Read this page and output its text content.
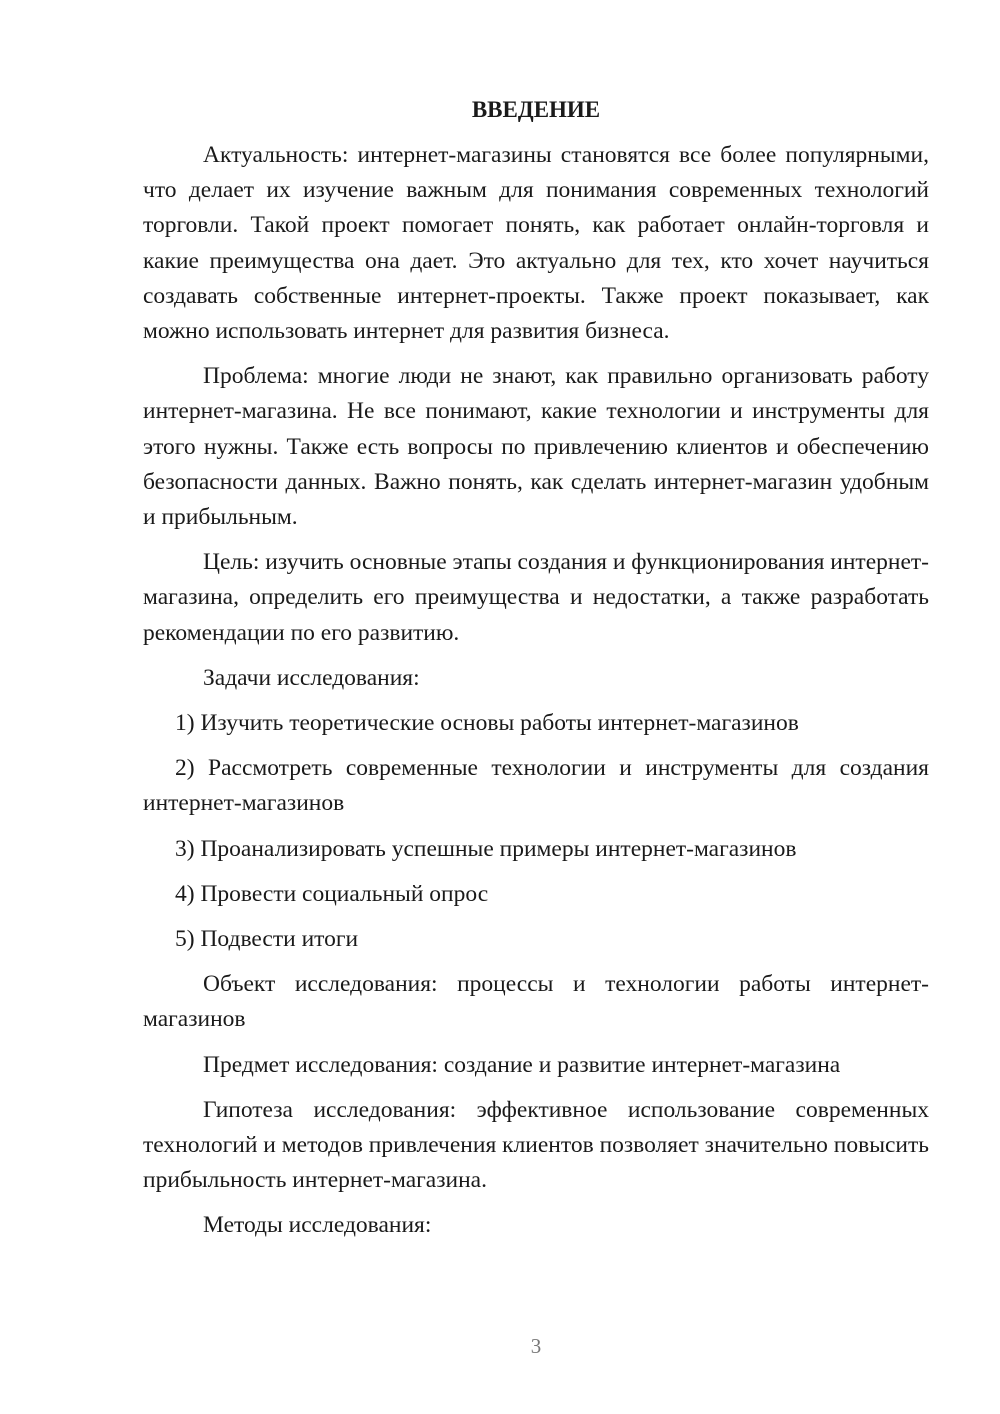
ВВЕДЕНИЕ

Актуальность: интернет-магазины становятся все более популярными, что делает их изучение важным для понимания современных технологий торговли. Такой проект помогает понять, как работает онлайн-торговля и какие преимущества она дает. Это актуально для тех, кто хочет научиться создавать собственные интернет-проекты. Также проект показывает, как можно использовать интернет для развития бизнеса.

Проблема: многие люди не знают, как правильно организовать работу интернет-магазина. Не все понимают, какие технологии и инструменты для этого нужны. Также есть вопросы по привлечению клиентов и обеспечению безопасности данных. Важно понять, как сделать интернет-магазин удобным и прибыльным.

Цель: изучить основные этапы создания и функционирования интернет-магазина, определить его преимущества и недостатки, а также разработать рекомендации по его развитию.

Задачи исследования:

1) Изучить теоретические основы работы интернет-магазинов

2) Рассмотреть современные технологии и инструменты для создания интернет-магазинов

3) Проанализировать успешные примеры интернет-магазинов

4) Провести социальный опрос

5) Подвести итоги

Объект исследования: процессы и технологии работы интернет-магазинов

Предмет исследования: создание и развитие интернет-магазина

Гипотеза исследования: эффективное использование современных технологий и методов привлечения клиентов позволяет значительно повысить прибыльность интернет-магазина.

Методы исследования:

3
